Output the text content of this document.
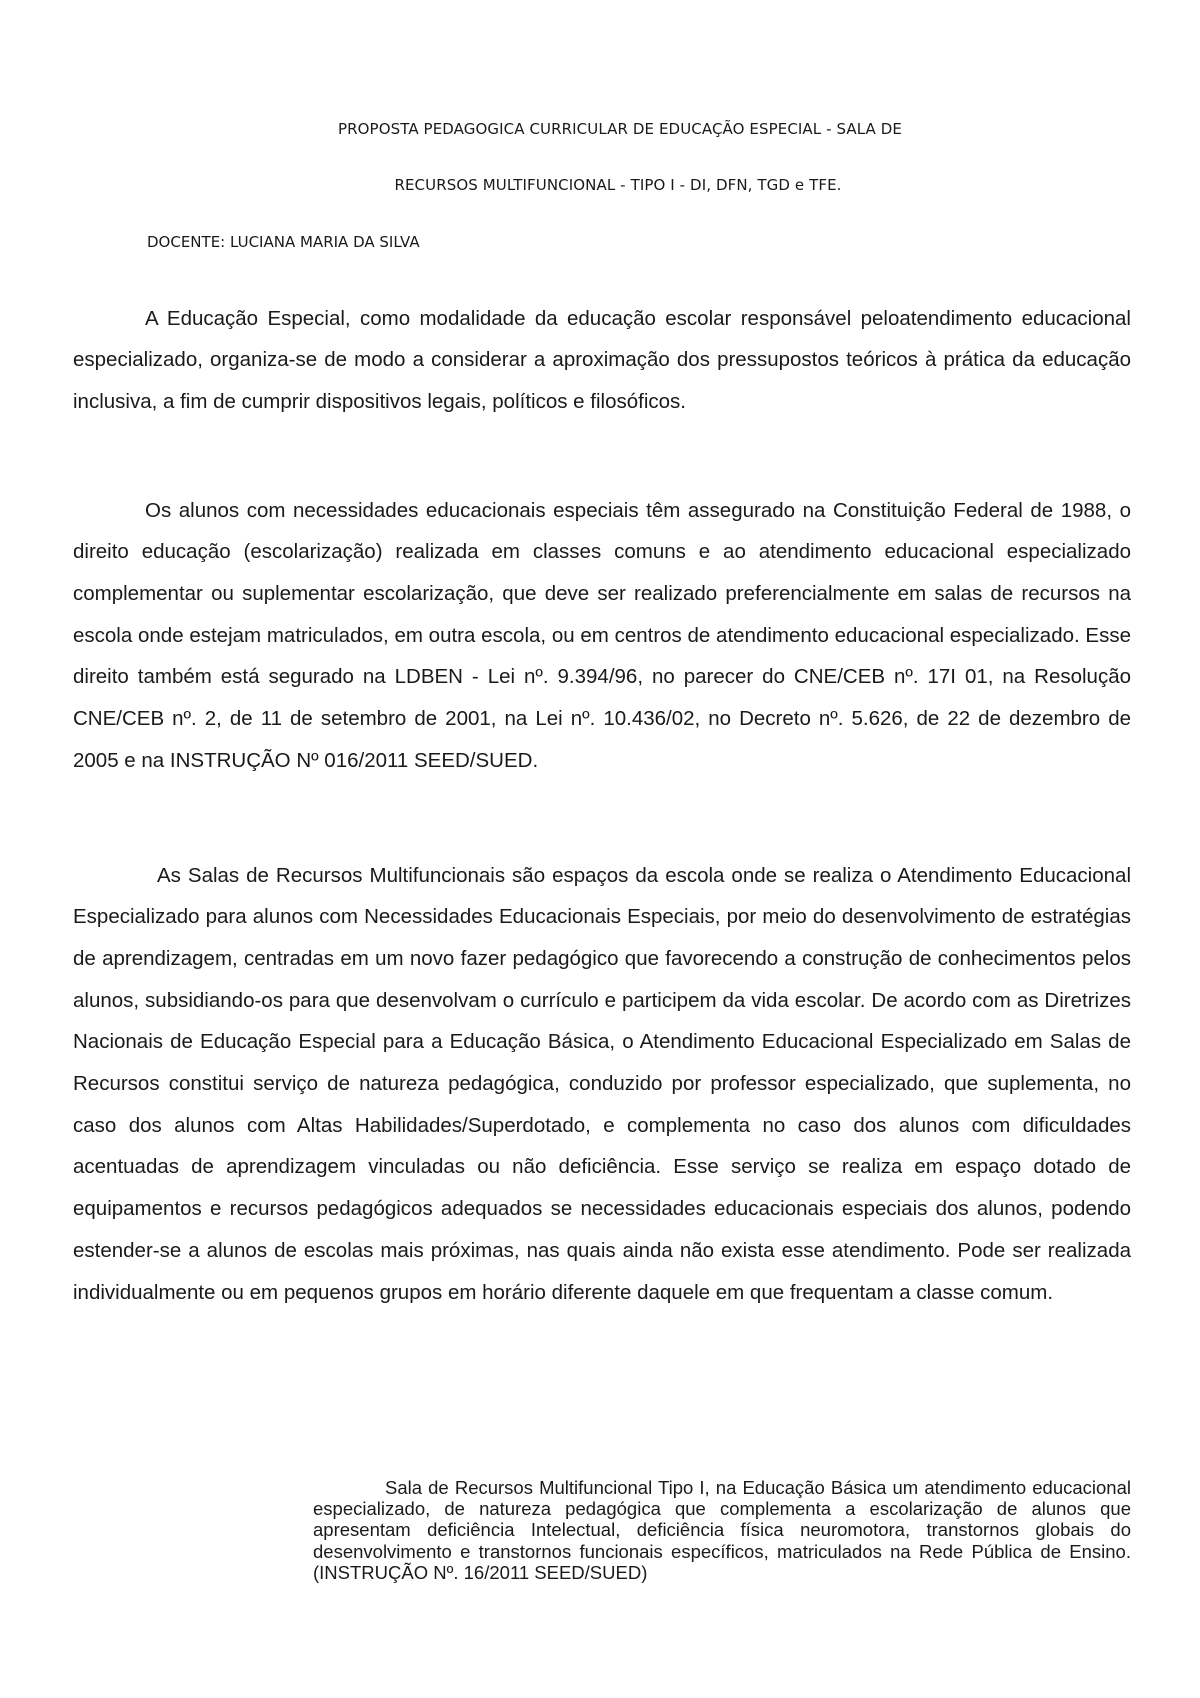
PROPOSTA PEDAGOGICA CURRICULAR DE EDUCAÇÃO ESPECIAL - SALA DE
RECURSOS MULTIFUNCIONAL - TIPO I - DI, DFN, TGD e TFE.
DOCENTE: LUCIANA MARIA DA SILVA

A Educação Especial, como modalidade da educação escolar responsável peloatendimento educacional especializado, organiza-se de modo a considerar a aproximação dos pressupostos teóricos à prática da educação inclusiva, a fim de cumprir dispositivos legais, políticos e filosóficos.

Os alunos com necessidades educacionais especiais têm assegurado na Constituição Federal de 1988, o direito educação (escolarização) realizada em classes comuns e ao atendimento educacional especializado complementar ou suplementar escolarização, que deve ser realizado preferencialmente em salas de recursos na escola onde estejam matriculados, em outra escola, ou em centros de atendimento educacional especializado. Esse direito também está segurado na LDBEN - Lei nº. 9.394/96, no parecer do CNE/CEB nº. 17I 01, na Resolução CNE/CEB nº. 2, de 11 de setembro de 2001, na Lei nº. 10.436/02, no Decreto nº. 5.626, de 22 de dezembro de 2005 e na INSTRUÇÃO Nº 016/2011 SEED/SUED.

As Salas de Recursos Multifuncionais são espaços da escola onde se realiza o Atendimento Educacional Especializado para alunos com Necessidades Educacionais Especiais, por meio do desenvolvimento de estratégias de aprendizagem, centradas em um novo fazer pedagógico que favorecendo a construção de conhecimentos pelos alunos, subsidiando-os para que desenvolvam o currículo e participem da vida escolar. De acordo com as Diretrizes Nacionais de Educação Especial para a Educação Básica, o Atendimento Educacional Especializado em Salas de Recursos constitui serviço de natureza pedagógica, conduzido por professor especializado, que suplementa, no caso dos alunos com Altas Habilidades/Superdotado, e complementa no caso dos alunos com dificuldades acentuadas de aprendizagem vinculadas ou não deficiência. Esse serviço se realiza em espaço dotado de equipamentos e recursos pedagógicos adequados se necessidades educacionais especiais dos alunos, podendo estender-se a alunos de escolas mais próximas, nas quais ainda não exista esse atendimento. Pode ser realizada individualmente ou em pequenos grupos em horário diferente daquele em que frequentam a classe comum.

Sala de Recursos Multifuncional Tipo I, na Educação Básica um atendimento educacional especializado, de natureza pedagógica que complementa a escolarização de alunos que apresentam deficiência Intelectual, deficiência física neuromotora, transtornos globais do desenvolvimento e transtornos funcionais específicos, matriculados na Rede Pública de Ensino. (INSTRUÇÃO Nº. 16/2011 SEED/SUED)
